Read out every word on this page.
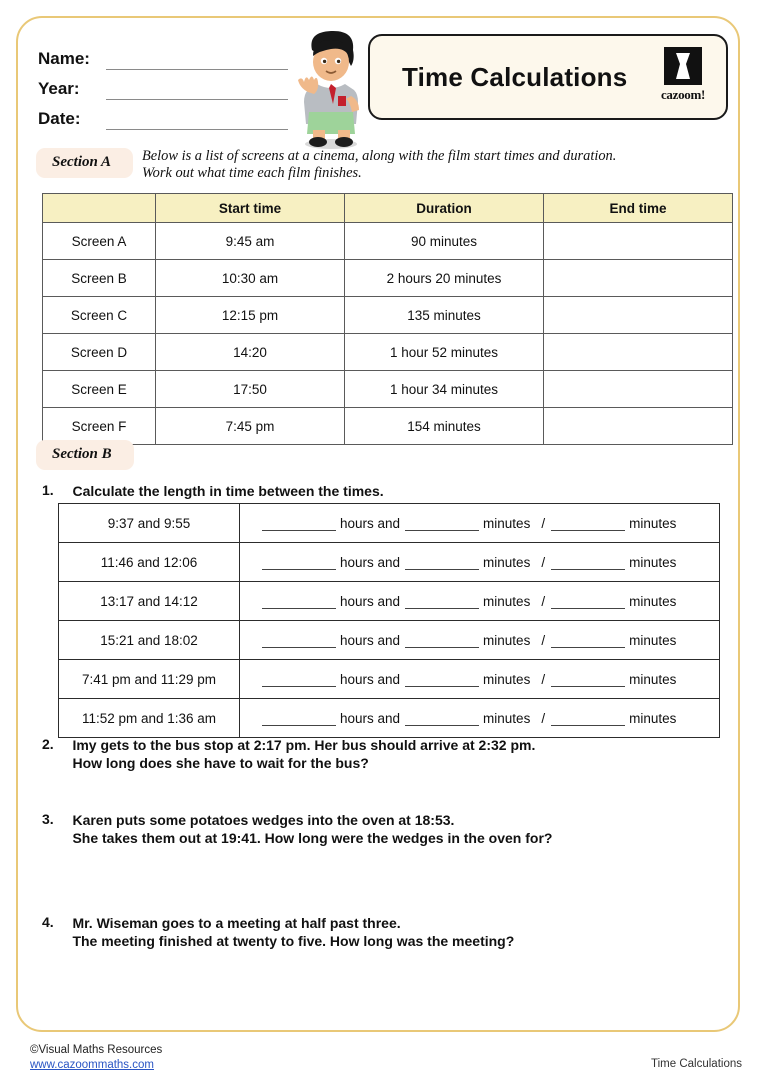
Name:
Year:
Date:
Time Calculations
cazoom!
Section A	Below is a list of screens at a cinema, along with the film start times and duration.
Work out what time each film finishes.
	Start time	Duration	End time
Screen A	9:45 am	90 minutes	
Screen B	10:30 am	2 hours 20 minutes	
Screen C	12:15 pm	135 minutes	
Screen D	14:20	1 hour 52 minutes	
Screen E	17:50	1 hour 34 minutes	
Screen F	7:45 pm	154 minutes	
Section B
1. Calculate the length in time between the times.
9:37 and 9:55	hours and minutes / minutes
11:46 and 12:06	hours and minutes / minutes
13:17 and 14:12	hours and minutes / minutes
15:21 and 18:02	hours and minutes / minutes
7:41 pm and 11:29 pm	hours and minutes / minutes
11:52 pm and 1:36 am	hours and minutes / minutes
2. Imy gets to the bus stop at 2:17 pm. Her bus should arrive at 2:32 pm.
How long does she have to wait for the bus?
3. Karen puts some potatoes wedges into the oven at 18:53.
She takes them out at 19:41. How long were the wedges in the oven for?
4. Mr. Wiseman goes to a meeting at half past three.
The meeting finished at twenty to five. How long was the meeting?
©Visual Maths Resources
www.cazoommaths.com	Time Calculations
